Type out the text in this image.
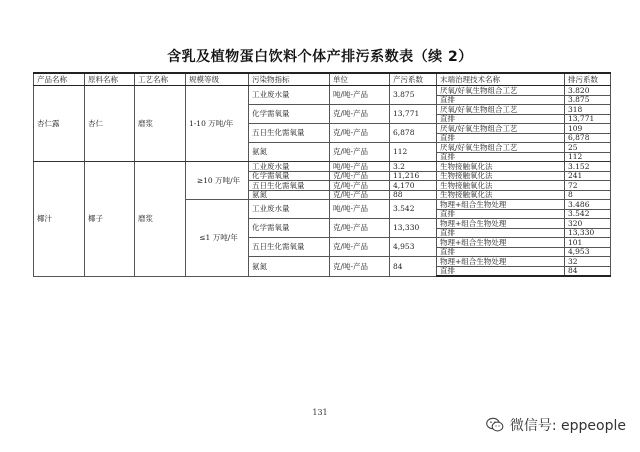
含乳及植物蛋白饮料个体产排污系数表（续 2）
产品名称	原料名称	工艺名称	规模等级	污染物指标	单位	产污系数	末端治理技术名称	排污系数
杏仁露	杏仁	磨浆	1-10 万吨/年	工业废水量	吨/吨-产品	3.875	厌氧/好氧生物组合工艺	3.820
							直排	3.875
				化学需氧量	克/吨-产品	13,771	厌氧/好氧生物组合工艺	318
							直排	13,771
				五日生化需氧量	克/吨-产品	6,878	厌氧/好氧生物组合工艺	109
							直排	6,878
				氨氮	克/吨-产品	112	厌氧/好氧生物组合工艺	25
							直排	112
椰汁	椰子	磨浆	≥10 万吨/年	工业废水量	吨/吨-产品	3.2	生物接触氧化法	3.152
				化学需氧量	克/吨-产品	11,216	生物接触氧化法	241
				五日生化需氧量	克/吨-产品	4,170	生物接触氧化法	72
				氨氮	克/吨-产品	88	生物接触氧化法	8
			≤1 万吨/年	工业废水量	吨/吨-产品	3.542	物理+组合生物处理	3.486
							直排	3.542
				化学需氧量	克/吨-产品	13,330	物理+组合生物处理	320
							直排	13,330
				五日生化需氧量	克/吨-产品	4,953	物理+组合生物处理	101
							直排	4,953
				氨氮	克/吨-产品	84	物理+组合生物处理	32
							直排	84
131
微信号: eppeople
